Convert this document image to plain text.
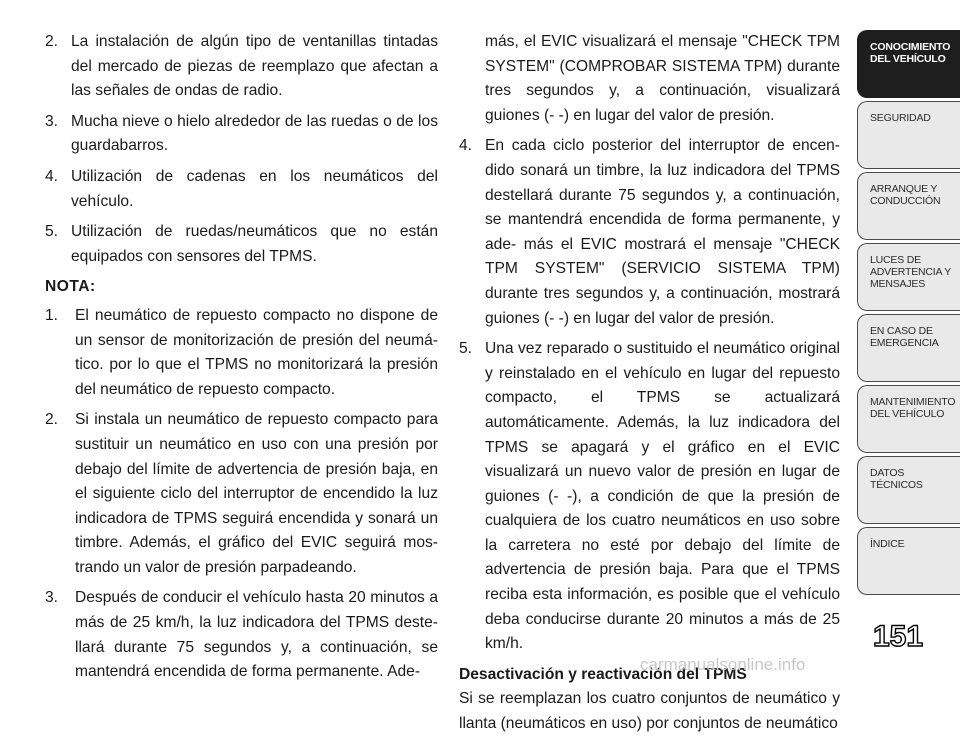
2. La instalación de algún tipo de ventanillas tintadas del mercado de piezas de reemplazo que afectan a las señales de ondas de radio.
3. Mucha nieve o hielo alrededor de las ruedas o de los guardabarros.
4. Utilización de cadenas en los neumáticos del vehículo.
5. Utilización de ruedas/neumáticos que no están equipados con sensores del TPMS.
NOTA:
1.	El neumático de repuesto compacto no dispone de un sensor de monitorización de presión del neumá- tico. por lo que el TPMS no monitorizará la presión del neumático de repuesto compacto.
2.	Si instala un neumático de repuesto compacto para sustituir un neumático en uso con una presión por debajo del límite de advertencia de presión baja, en el siguiente ciclo del interruptor de encendido la luz indicadora de TPMS seguirá encendida y sonará un timbre. Además, el gráfico del EVIC seguirá mos- trando un valor de presión parpadeando.
3.	Después de conducir el vehículo hasta 20 minutos a más de 25 km/h, la luz indicadora del TPMS deste- llará durante 75 segundos y, a continuación, se mantendrá encendida de forma permanente. Ade-
más, el EVIC visualizará el mensaje "CHECK TPM SYSTEM" (COMPROBAR SISTEMA TPM) durante tres segundos y, a continuación, visualizará guiones (- -) en lugar del valor de presión.
4. En cada ciclo posterior del interruptor de encen- dido sonará un timbre, la luz indicadora del TPMS destellará durante 75 segundos y, a continuación, se mantendrá encendida de forma permanente, y ade- más el EVIC mostrará el mensaje "CHECK TPM SYSTEM" (SERVICIO SISTEMA TPM) durante tres segundos y, a continuación, mostrará guiones (- -) en lugar del valor de presión.
5. Una vez reparado o sustituido el neumático original y reinstalado en el vehículo en lugar del repuesto compacto, el TPMS se actualizará automáticamente. Además, la luz indicadora del TPMS se apagará y el gráfico en el EVIC visualizará un nuevo valor de presión en lugar de guiones (- -), a condición de que la presión de cualquiera de los cuatro neumáticos en uso sobre la carretera no esté por debajo del límite de advertencia de presión baja. Para que el TPMS reciba esta información, es posible que el vehículo deba conducirse durante 20 minutos a más de 25 km/h.
Desactivación y reactivación del TPMS
Si se reemplazan los cuatro conjuntos de neumático y llanta (neumáticos en uso) por conjuntos de neumático
CONOCIMIENTO
DEL VEHÍCULO
SEGURIDAD
ARRANQUE Y
CONDUCCIÓN
LUCES DE
ADVERTENCIA Y
MENSAJES
EN CASO DE
EMERGENCIA
MANTENIMIENTO
DEL VEHÍCULO
DATOS
TÉCNICOS
ÍNDICE
151
carmanualsonline.info
